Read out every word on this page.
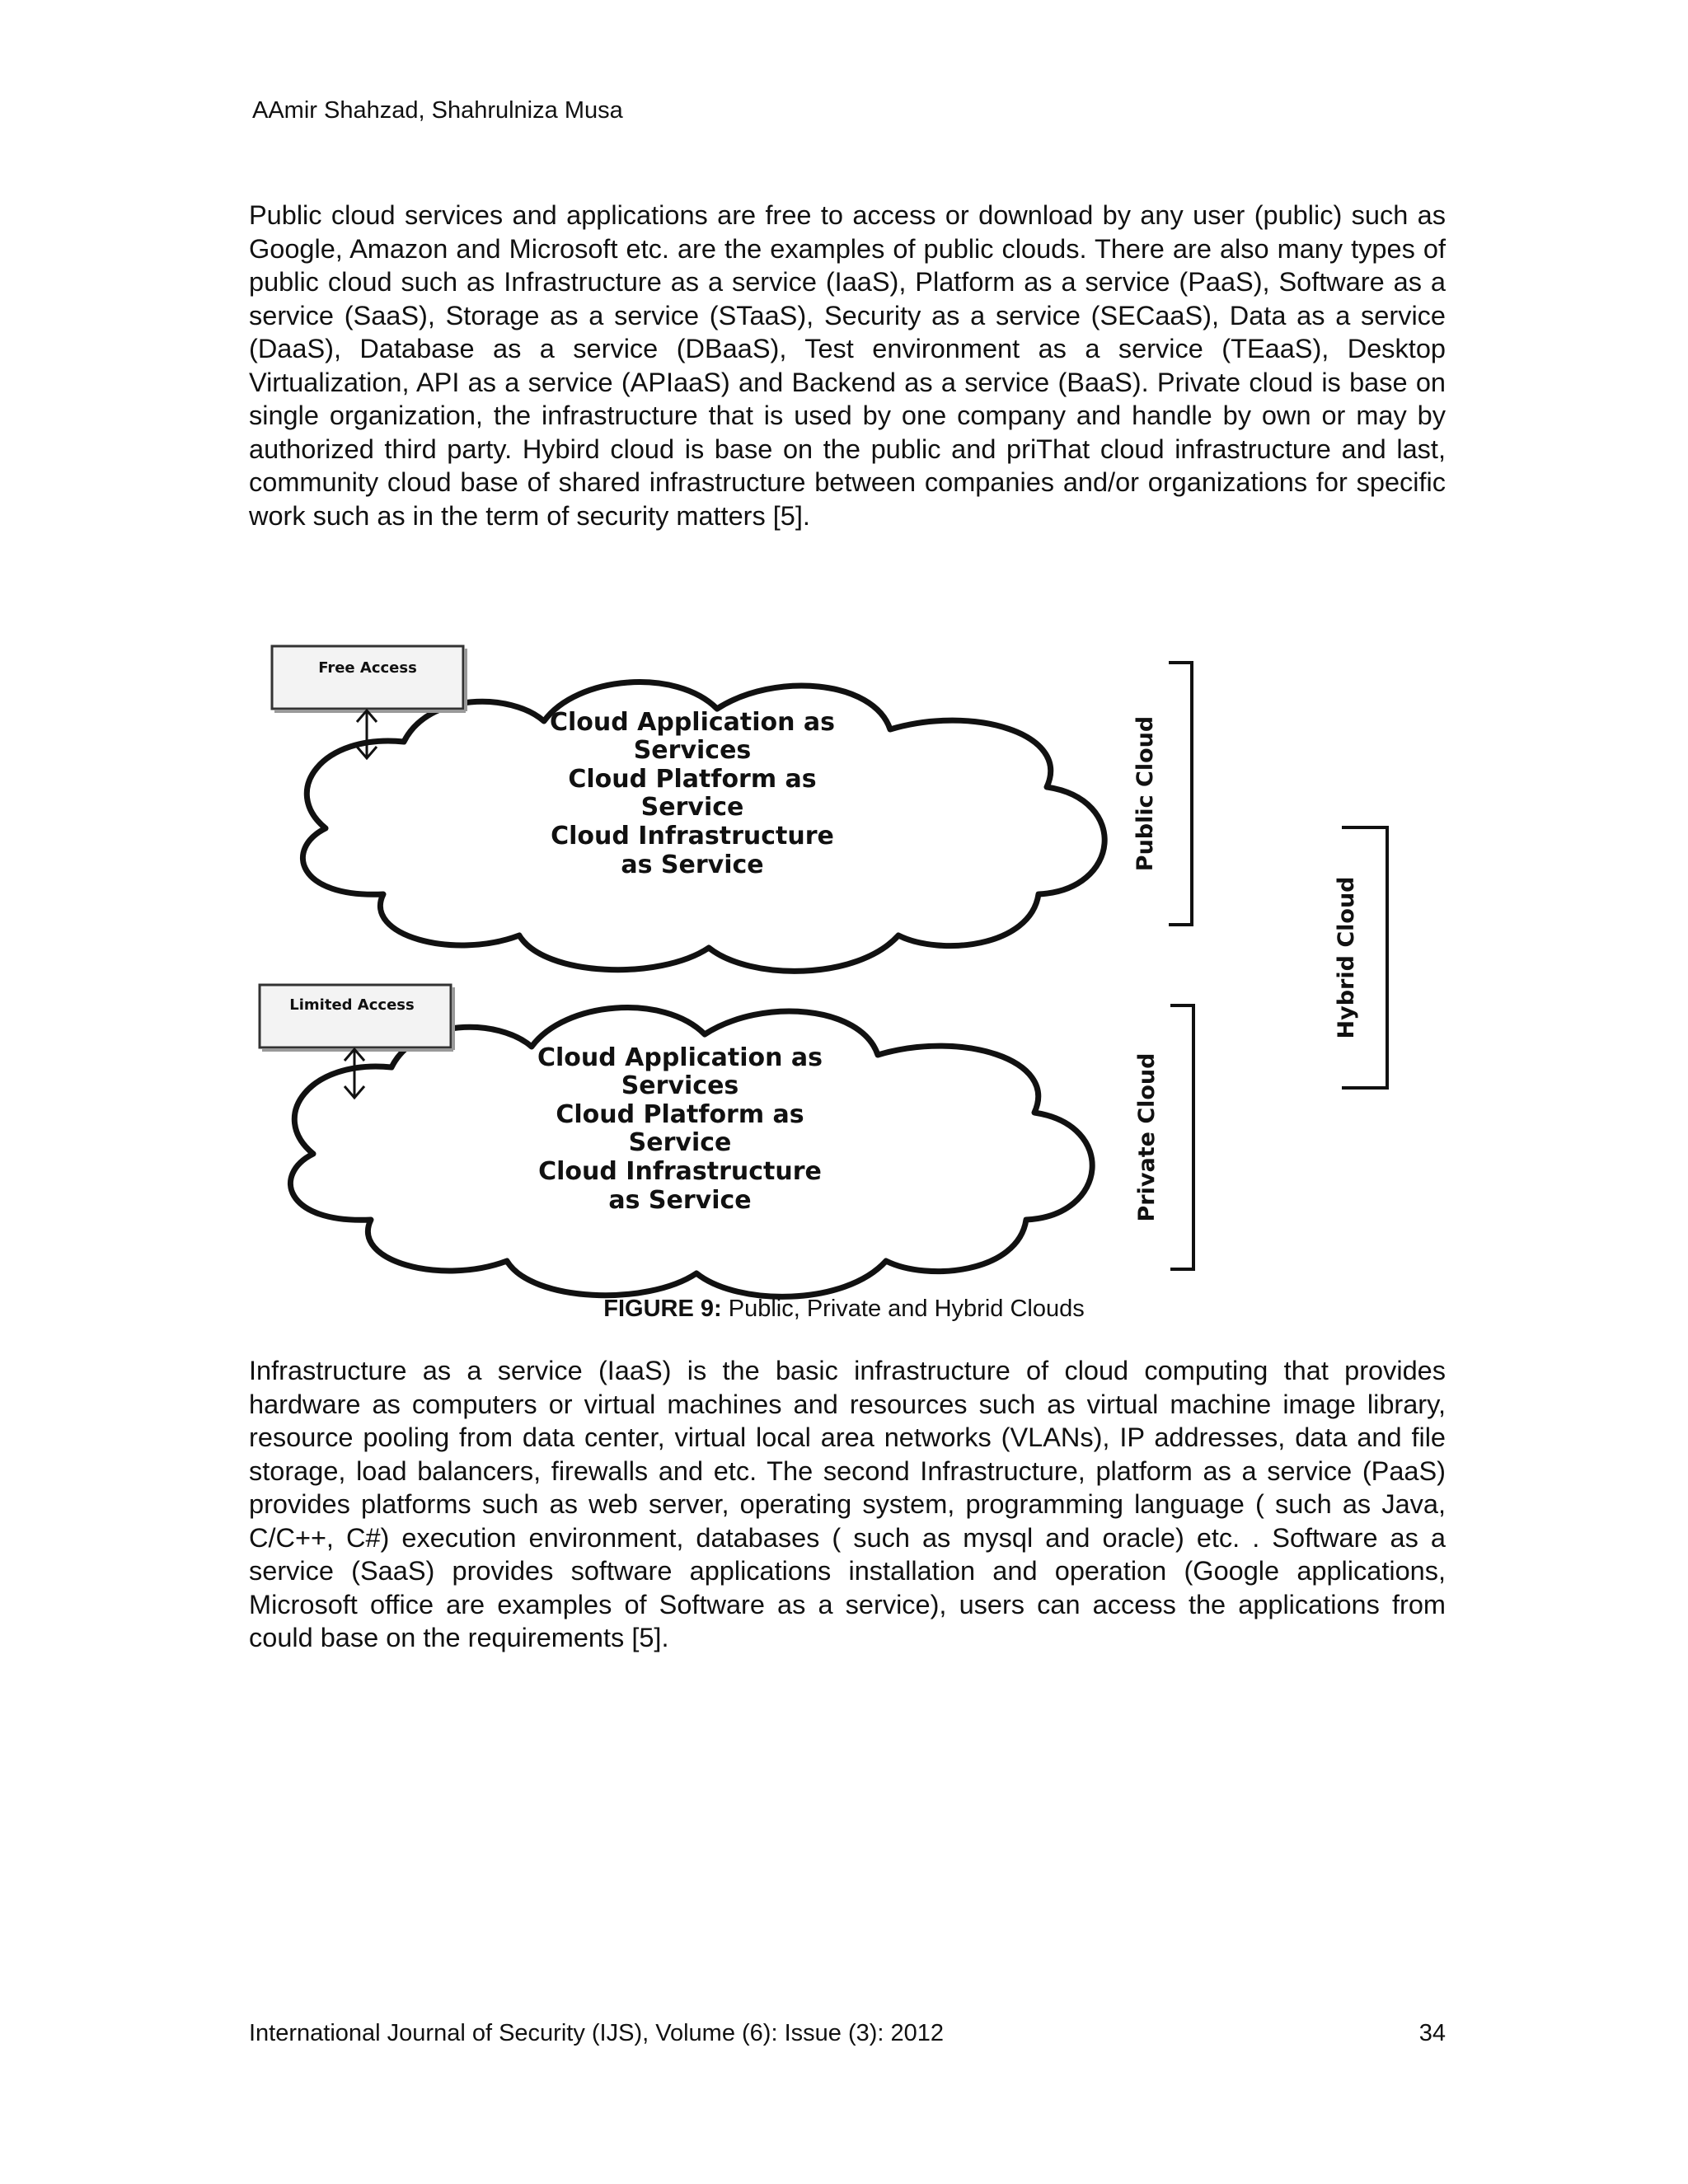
AAmir Shahzad, Shahrulniza Musa

Public cloud services and applications are free to access or download by any user (public) such as Google, Amazon and Microsoft etc. are the examples of public clouds. There are also many types of public cloud such as Infrastructure as a service (IaaS), Platform as a service (PaaS), Software as a service (SaaS), Storage as a service (STaaS), Security as a service (SECaaS), Data as a service (DaaS), Database as a service (DBaaS), Test environment as a service (TEaaS), Desktop Virtualization, API as a service (APIaaS) and Backend as a service (BaaS). Private cloud is base on single organization, the infrastructure that is used by one company and handle by own or may by authorized third party. Hybird cloud is base on the public and priThat cloud infrastructure and last, community cloud base of shared infrastructure between companies and/or organizations for specific work such as in the term of security matters [5].

Cloud Application as
Services
Cloud Platform as
Service
Cloud Infrastructure
as Service
Free Access
Cloud Application as
Services
Cloud Platform as
Service
Cloud Infrastructure
as Service
Limited Access
Public Cloud
Private Cloud
Hybrid Cloud
FIGURE 9: Public, Private and Hybrid Clouds

Infrastructure as a service (IaaS) is the basic infrastructure of cloud computing that provides hardware as computers or virtual machines and resources such as virtual machine image library, resource pooling from data center, virtual local area networks (VLANs), IP addresses, data and file storage, load balancers, firewalls and etc. The second Infrastructure, platform as a service (PaaS) provides platforms such as web server, operating system, programming language ( such as Java, C/C++, C#) execution environment, databases ( such as mysql and oracle) etc. . Software as a service (SaaS) provides software applications installation and operation (Google applications, Microsoft office are examples of Software as a service), users can access the applications from could base on the requirements [5].

International Journal of Security (IJS), Volume (6): Issue (3): 2012	34
